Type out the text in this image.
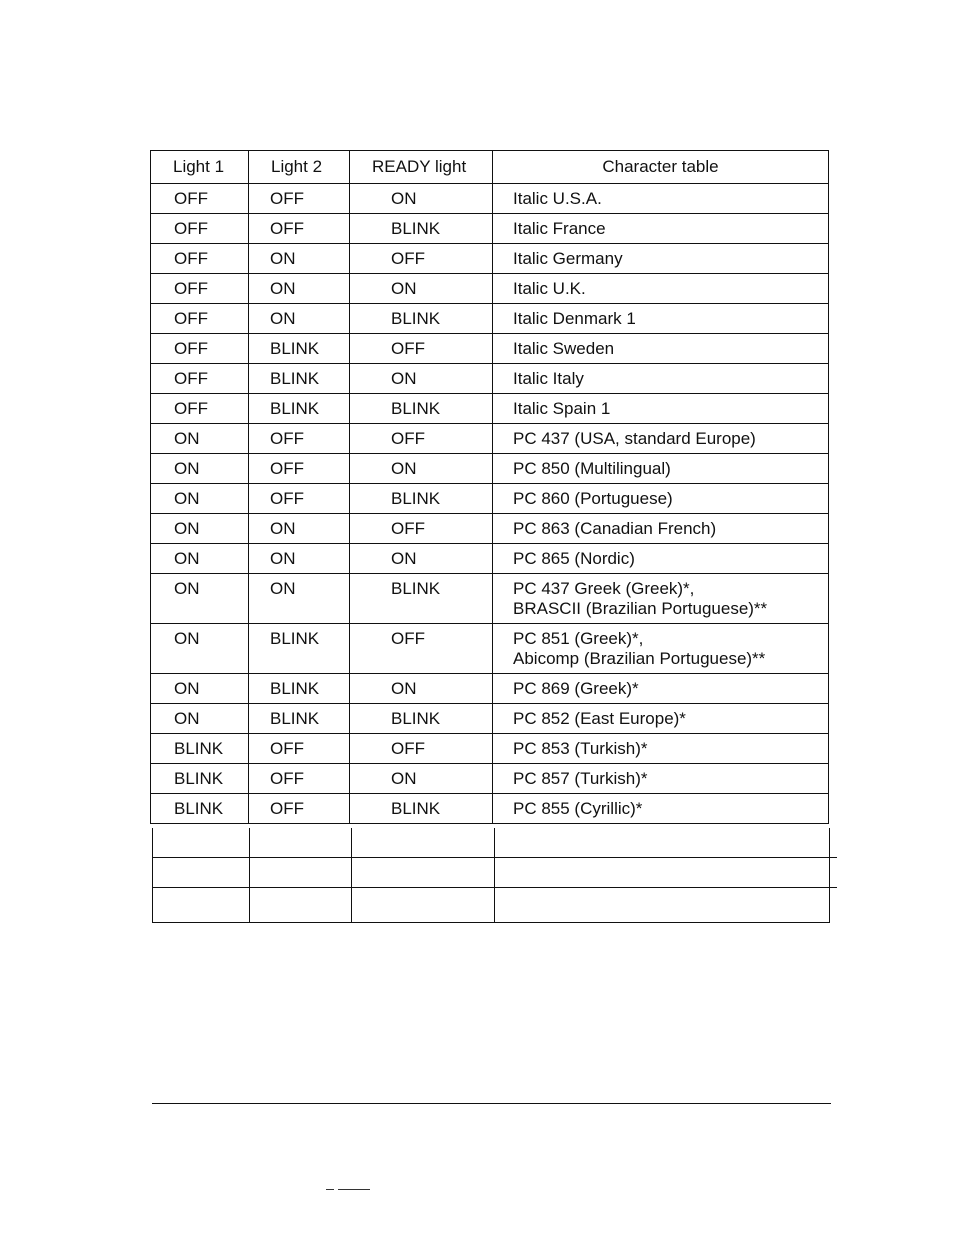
Light 1	Light 2	READY light	Character table
OFF	OFF	ON	Italic U.S.A.
OFF	OFF	BLINK	Italic France
OFF	ON	OFF	Italic Germany
OFF	ON	ON	Italic U.K.
OFF	ON	BLINK	Italic Denmark 1
OFF	BLINK	OFF	Italic Sweden
OFF	BLINK	ON	Italic Italy
OFF	BLINK	BLINK	Italic Spain 1
ON	OFF	OFF	PC 437 (USA, standard Europe)
ON	OFF	ON	PC 850 (Multilingual)
ON	OFF	BLINK	PC 860 (Portuguese)
ON	ON	OFF	PC 863 (Canadian French)
ON	ON	ON	PC 865 (Nordic)
ON	ON	BLINK	PC 437 Greek (Greek)*,
BRASCII (Brazilian Portuguese)**

ON	BLINK	OFF	PC 851 (Greek)*,
Abicomp (Brazilian Portuguese)**

ON	BLINK	ON	PC 869 (Greek)*
ON	BLINK	BLINK	PC 852 (East Europe)*
BLINK	OFF	OFF	PC 853 (Turkish)*
BLINK	OFF	ON	PC 857 (Turkish)*
BLINK	OFF	BLINK	PC 855 (Cyrillic)*
